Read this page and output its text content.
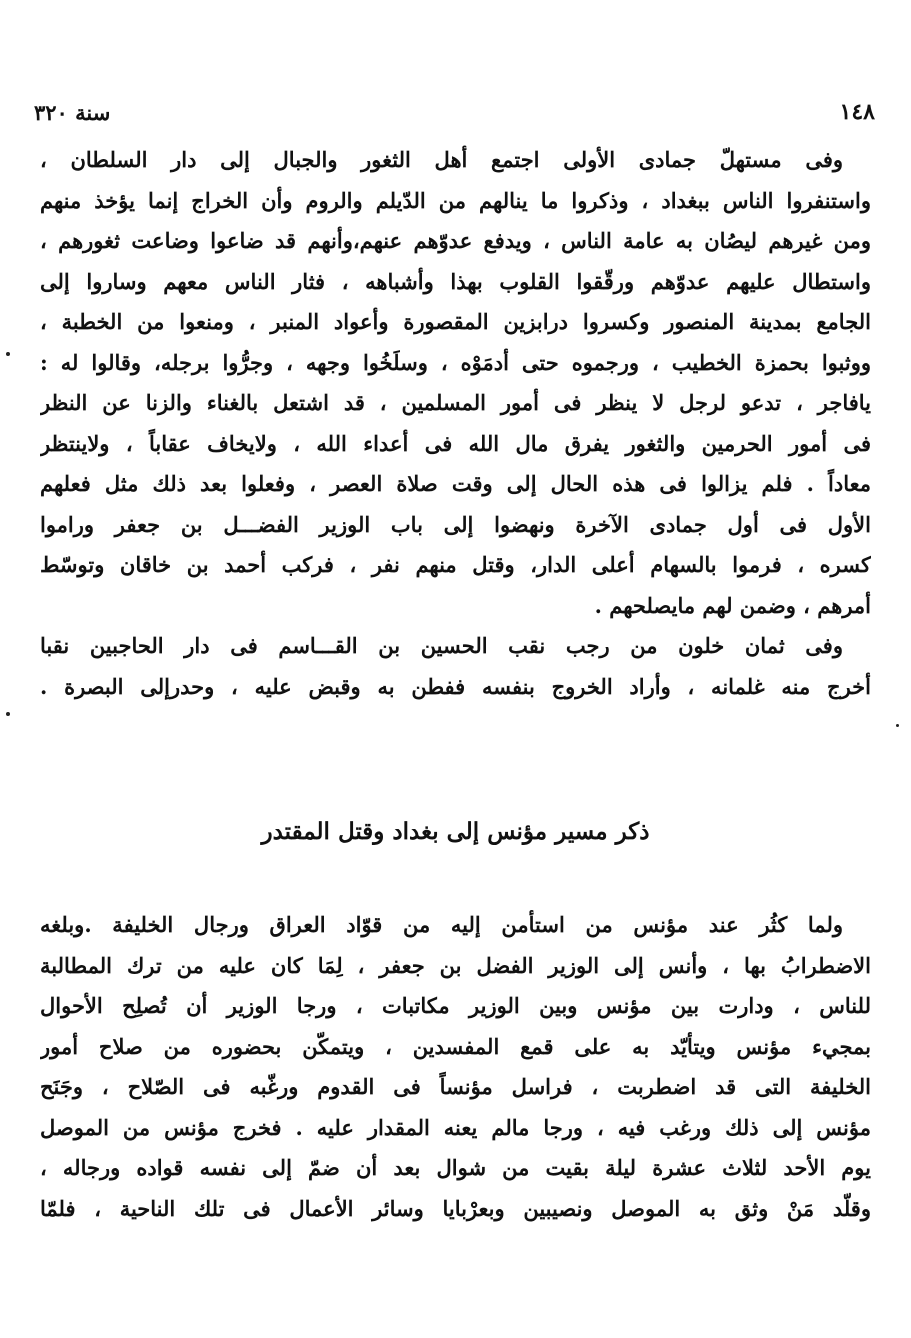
١٤٨
سنة ٣٢٠
وفى مستهلّ جمادى الأولى اجتمع أهل الثغور والجبال إلى دار السلطان ،
واستنفروا الناس ببغداد ، وذكروا ما ينالهم من الدّيلم والروم وأن الخراج إنما يؤخذ منهم
ومن غيرهم ليصُان به عامة الناس ، ويدفع عدوّهم عنهم،وأنهم قد ضاعوا وضاعت ثغورهم ،
واستطال عليهم عدوّهم ورقّقوا القلوب بهذا وأشباهه ، فثار الناس معهم وساروا إلى
الجامع بمدينة المنصور وكسروا درابزين المقصورة وأعواد المنبر ، ومنعوا من الخطبة ،
ووثبوا بحمزة الخطيب ، ورجموه حتى أدمَوْه ، وسلَخُوا وجهه ، وجرُّوا برجله، وقالوا له :
يافاجر ، تدعو لرجل لا ينظر فى أمور المسلمين ، قد اشتعل بالغناء والزنا عن النظر
فى أمور الحرمين والثغور يفرق مال الله فى أعداء الله ، ولايخاف عقاباً ، ولاينتظر
معاداً . فلم يزالوا فى هذه الحال إلى وقت صلاة العصر ، وفعلوا بعد ذلك مثل فعلهم
الأول فى أول جمادى الآخرة ونهضوا إلى باب الوزير الفضـــل بن جعفر وراموا
كسره ، فرموا بالسهام أعلى الدار، وقتل منهم نفر ، فركب أحمد بن خاقان وتوسّط
أمرهم ، وضمن لهم مايصلحهم .
وفى ثمان خلون من رجب نقب الحسين بن القـــاسم فى دار الحاجبين نقبا
أخرج منه غلمانه ، وأراد الخروج بنفسه ففطن به وقبض عليه ، وحدرإلى البصرة .
ذكر مسير مؤنس إلى بغداد وقتل المقتدر
ولما كثُر عند مؤنس من استأمن إليه من قوّاد العراق ورجال الخليفة .وبلغه
الاضطرابُ بها ، وأنس إلى الوزير الفضل بن جعفر ، لِمَا كان عليه من ترك المطالبة
للناس ، ودارت بين مؤنس وبين الوزير مكاتبات ، ورجا الوزير أن تُصلِح الأحوال
بمجيء مؤنس ويتأيّد به على قمع المفسدين ، ويتمكّن بحضوره من صلاح أمور
الخليفة التى قد اضطربت ، فراسل مؤنساً فى القدوم ورغّبه فى الصّلاح ، وجَنَح
مؤنس إلى ذلك ورغب فيه ، ورجا مالم يعنه المقدار عليه . فخرج مؤنس من الموصل
يوم الأحد لثلاث عشرة ليلة بقيت من شوال بعد أن ضمّ إلى نفسه قواده ورجاله ،
وقلّد مَنْ وثق به الموصل ونصيبين وبعرْبايا وسائر الأعمال فى تلك الناحية ، فلمّا
